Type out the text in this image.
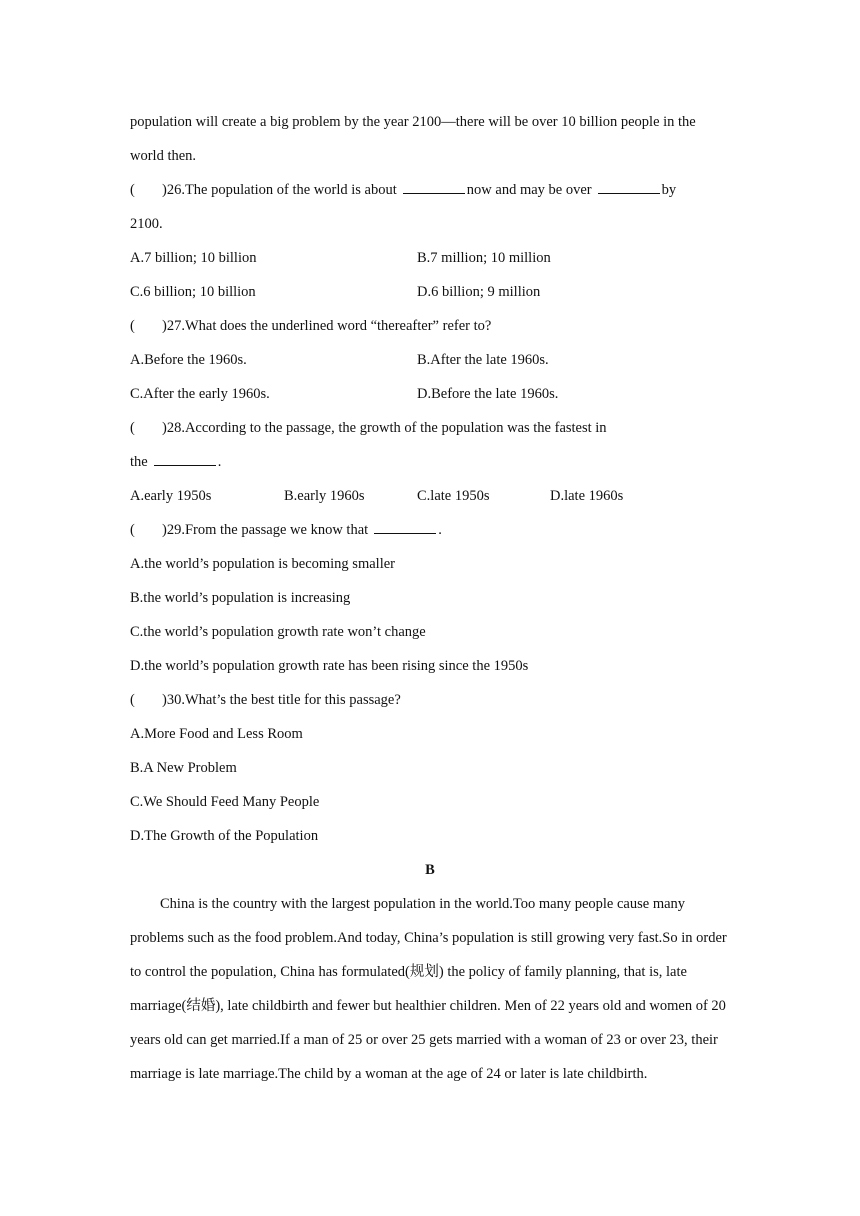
population will create a big problem by the year 2100—there will be over 10 billion people in the
world then.
( )26.The population of the world is about	now and may be over	by
2100.
A.7 billion; 10 billion	B.7 million; 10 million
C.6 billion; 10 billion	D.6 billion; 9 million
( )27.What does the underlined word “thereafter” refer to?
A.Before the 1960s.	B.After the late 1960s.
C.After the early 1960s.	D.Before the late 1960s.
( )28.According to the passage, the growth of the population was the fastest in
the	.
A.early 1950s	B.early 1960s	C.late 1950s	D.late 1960s
( )29.From the passage we know that	.
A.the world’s population is becoming smaller
B.the world’s population is increasing
C.the world’s population growth rate won’t change
D.the world’s population growth rate has been rising since the 1950s
( )30.What’s the best title for this passage?
A.More Food and Less Room
B.A New Problem
C.We Should Feed Many People
D.The Growth of the Population
B
China is the country with the largest population in the world.Too many people cause many problems such as the food problem.And today, China’s population is still growing very fast.So in order to control the population, China has formulated(规划) the policy of family planning, that is, late marriage(结婚), late childbirth and fewer but healthier children. Men of 22 years old and women of 20 years old can get married.If a man of 25 or over 25 gets married with a woman of 23 or over 23, their marriage is late marriage.The child by a woman at the age of 24 or later is late childbirth.
